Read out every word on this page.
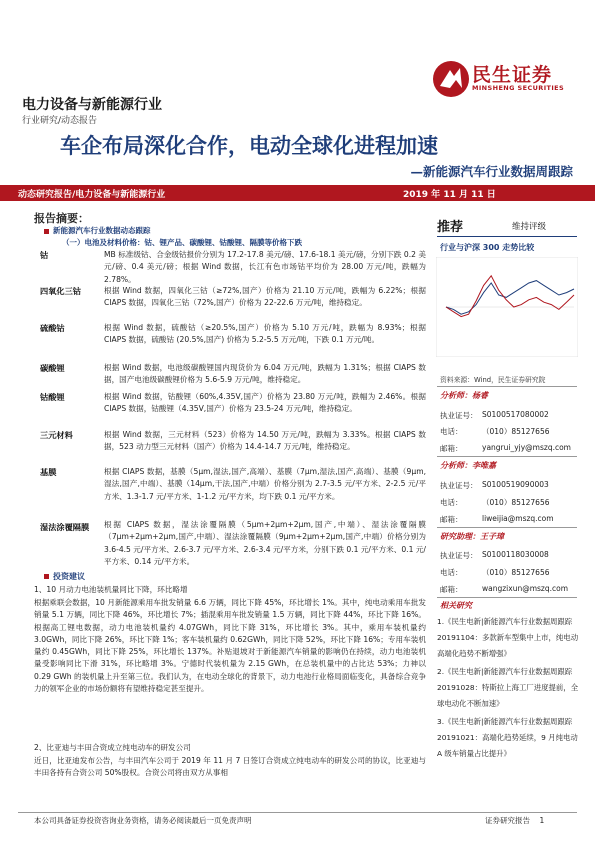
电力设备与新能源行业
行业研究/动态报告
民生证券
MINSHENG SECURITIES
车企布局深化合作，电动全球化进程加速
—新能源汽车行业数据周跟踪
动态研究报告/电力设备与新能源行业	2019 年 11 月 11 日
报告摘要：
新能源汽车行业数据动态跟踪
（一）电池及材料价格：钴、锂产品、碳酸锂、钴酸锂、隔膜等价格下跌
钴	MB 标准级钴、合金级钴报价分别为 17.2-17.8 美元/磅、17.6-18.1 美元/磅，分别下跌 0.2 美元/磅、0.4 美元/磅；根据 Wind 数据，长江有色市场钴平均价为 28.00 万元/吨，跌幅为 2.78%。
四氧化三钴	根据 Wind 数据，四氧化三钴（≥72%,国产）价格为 21.10 万元/吨，跌幅为 6.22%；根据 CIAPS 数据，四氧化三钴（72%,国产）价格为 22-22.6 万元/吨，维持稳定。
硫酸钴	根据 Wind 数据，硫酸钴（≥20.5%,国产）价格为 5.10 万元/吨，跌幅为 8.93%；根据 CIAPS 数据，硫酸钴 (20.5%,国产) 价格为 5.2-5.5 万元/吨，下跌 0.1 万元/吨。
碳酸锂	根据 Wind 数据，电池级碳酸锂国内现货价为 6.04 万元/吨，跌幅为 1.31%；根据 CIAPS 数据，国产电池级碳酸锂价格为 5.6-5.9 万元/吨，维持稳定。
钴酸锂	根据 Wind 数据，钴酸锂（60%,4.35V,国产）价格为 23.80 万元/吨，跌幅为 2.46%。根据 CIAPS 数据，钴酸锂（4.35V,国产）价格为 23.5-24 万元/吨，维持稳定。
三元材料	根据 Wind 数据，三元材料（523）价格为 14.50 万元/吨，跌幅为 3.33%。根据 CIAPS 数据，523 动力型三元材料（国产）价格为 14.4-14.7 万元/吨，维持稳定。
基膜	根据 CIAPS 数据，基膜（5μm,湿法,国产,高端）、基膜（7μm,湿法,国产,高端）、基膜（9μm,湿法,国产,中端）、基膜（14μm,干法,国产,中端）价格分别为 2.7-3.5 元/平方米、2-2.5 元/平方米、1.3-1.7 元/平方米、1-1.2 元/平方米，均下跌 0.1 元/平方米。
湿法涂覆隔膜	根据 CIAPS 数据，湿法涂覆隔膜（5μm+2μm+2μm,国产,中端）、湿法涂覆隔膜（7μm+2μm+2μm,国产,中端）、湿法涂覆隔膜（9μm+2μm+2μm,国产,中端）价格分别为 3.6-4.5 元/平方米、2.6-3.7 元/平方米、2.6-3.4 元/平方米，分别下跌 0.1 元/平方米、0.1 元/平方米、0.14 元/平方米。
投资建议
1、10 月动力电池装机量同比下降，环比略增
根据乘联会数据，10 月新能源乘用车批发销量 6.6 万辆，同比下降 45%，环比增长 1%。其中，纯电动乘用车批发销量 5.1 万辆，同比下降 46%，环比增长 7%；插混乘用车批发销量 1.5 万辆，同比下降 44%，环比下降 16%。根据高工锂电数据，动力电池装机量约 4.07GWh，同比下降 31%，环比增长 3%。其中，乘用车装机量约 3.0GWh，同比下降 26%，环比下降 1%；客车装机量约 0.62GWh，同比下降 52%，环比下降 16%；专用车装机量约 0.45GWh，同比下降 25%，环比增长 137%。补贴退坡对于新能源汽车销量的影响仍在持续，动力电池装机量受影响同比下滑 31%，环比略增 3%。宁德时代装机量为 2.15 GWh，在总装机量中的占比达 53%；力神以 0.29 GWh 的装机量上升至第三位。我们认为，在电动全球化的背景下，动力电池行业格局面临变化，具备综合竞争力的领军企业的市场份额将有望维持稳定甚至提升。
2、比亚迪与丰田合资成立纯电动车的研发公司
近日，比亚迪发布公告，与丰田汽车公司于 2019 年 11 月 7 日签订合资成立纯电动车的研发公司的协议，比亚迪与丰田各持有合资公司 50%股权。合资公司将由双方从事相
推荐	维持评级
行业与沪深 300 走势比较
资料来源：Wind，民生证券研究院
分析师：杨睿
执业证号： S0100517080002
电话：	（010）85127656
邮箱：	yangrui_yjy@mszq.com
分析师：李唯嘉
执业证号： S0100519090003
电话：	（010）85127656
邮箱：	liweijia@mszq.com
研究助理：王子璋
执业证号： S0100118030008
电话：	（010）85127656
邮箱：	wangzixun@mszq.com
相关研究
1.《民生电新|新能源汽车行业数据周跟踪 20191104：多款新车型集中上市，纯电动高端化趋势不断增强》
2.《民生电新|新能源汽车行业数据周跟踪 20191028：特斯拉上海工厂进度提前，全球电动化不断加速》
3.《民生电新|新能源汽车行业数据周跟踪 20191021：高端化趋势延续，9 月纯电动 A 级车销量占比提升》
本公司具备证券投资咨询业务资格，请务必阅读最后一页免责声明	证券研究报告 1
